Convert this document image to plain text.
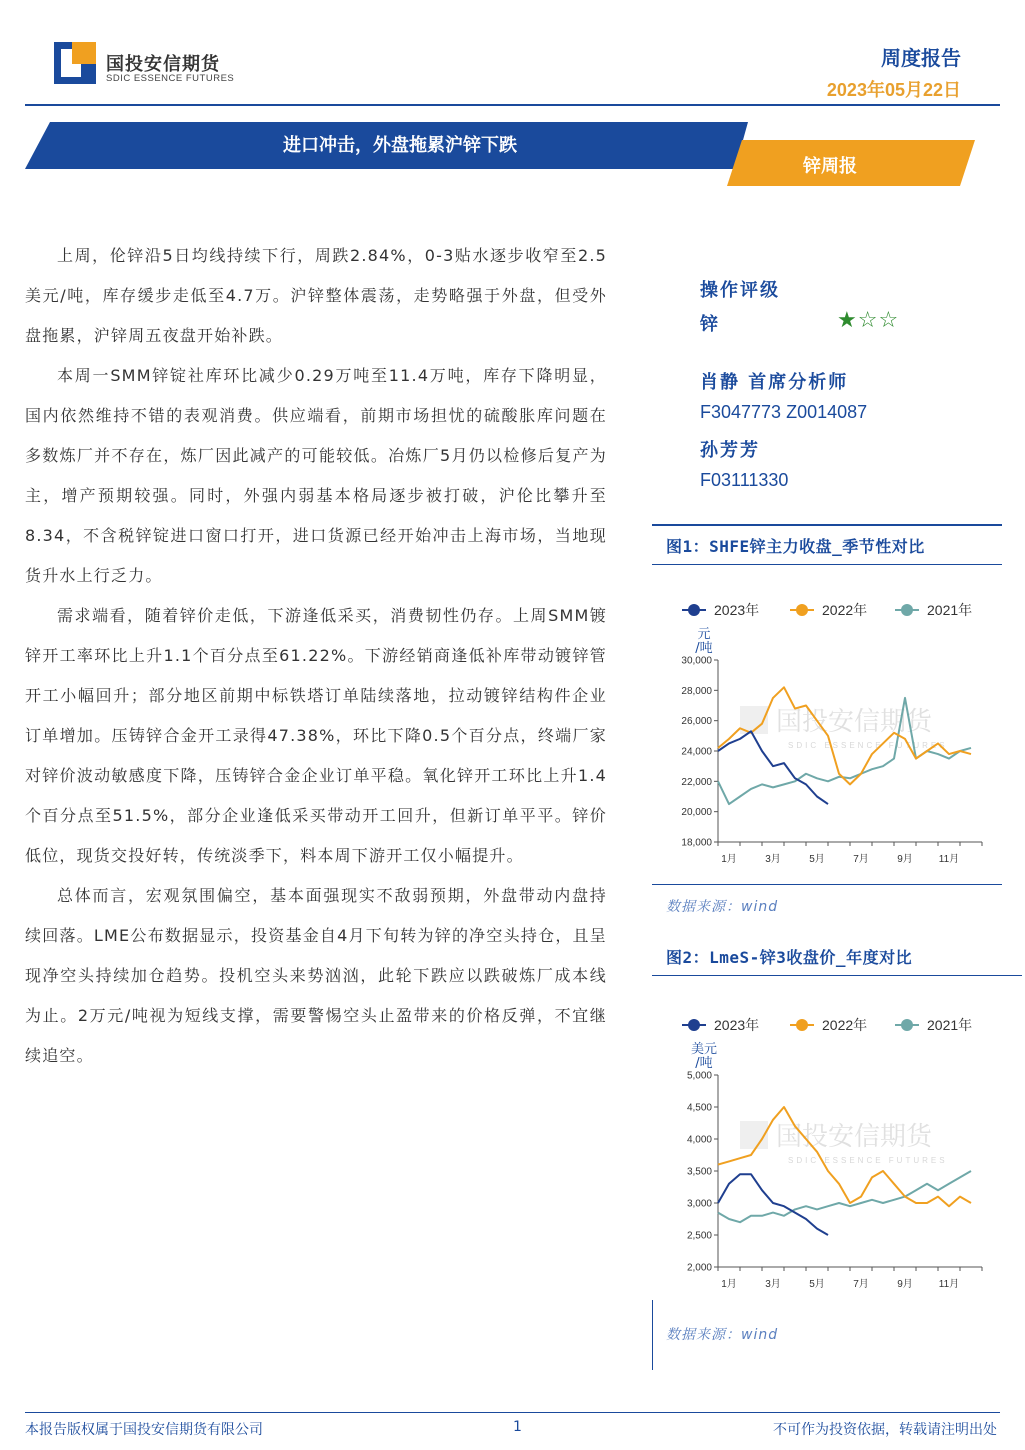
国投安信期货
SDIC ESSENCE FUTURES
周度报告
2023年05月22日
进口冲击，外盘拖累沪锌下跌
锌周报

上周，伦锌沿5日均线持续下行，周跌2.84%，0-3贴水逐步收窄至2.5美元/吨，库存缓步走低至4.7万。沪锌整体震荡，走势略强于外盘，但受外盘拖累，沪锌周五夜盘开始补跌。

本周一SMM锌锭社库环比减少0.29万吨至11.4万吨，库存下降明显，国内依然维持不错的表观消费。供应端看，前期市场担忧的硫酸胀库问题在多数炼厂并不存在，炼厂因此减产的可能较低。冶炼厂5月仍以检修后复产为主，增产预期较强。同时，外强内弱基本格局逐步被打破，沪伦比攀升至8.34，不含税锌锭进口窗口打开，进口货源已经开始冲击上海市场，当地现货升水上行乏力。

需求端看，随着锌价走低，下游逢低采买，消费韧性仍存。上周SMM镀锌开工率环比上升1.1个百分点至61.22%。下游经销商逢低补库带动镀锌管开工小幅回升；部分地区前期中标铁塔订单陆续落地，拉动镀锌结构件企业订单增加。压铸锌合金开工录得47.38%，环比下降0.5个百分点，终端厂家对锌价波动敏感度下降，压铸锌合金企业订单平稳。氧化锌开工环比上升1.4个百分点至51.5%，部分企业逢低采买带动开工回升，但新订单平平。锌价低位，现货交投好转，传统淡季下，料本周下游开工仅小幅提升。

总体而言，宏观氛围偏空，基本面强现实不敌弱预期，外盘带动内盘持续回落。LME公布数据显示，投资基金自4月下旬转为锌的净空头持仓，且呈现净空头持续加仓趋势。投机空头来势汹汹，此轮下跌应以跌破炼厂成本线为止。2万元/吨视为短线支撑，需要警惕空头止盈带来的价格反弹，不宜继续追空。

操作评级
锌	★☆☆
肖静 首席分析师
F3047773 Z0014087
孙芳芳
F03111330
图1：SHFE锌主力收盘_季节性对比
2023年	2022年	2021年
元/吨
国投安信期货
SDIC ESSENCE FUTURES
30,000
28,000
26,000
24,000
22,000
20,000
18,000
1月	3月	5月	7月	9月	11月
数据来源：wind
图2：LmeS-锌3收盘价_年度对比
2023年	2022年	2021年
美元/吨
国投安信期货
SDIC ESSENCE FUTURES
5,000
4,500
4,000
3,500
3,000
2,500
2,000
1月	3月	5月	7月	9月	11月
数据来源：wind
本报告版权属于国投安信期货有限公司	1	不可作为投资依据，转载请注明出处
